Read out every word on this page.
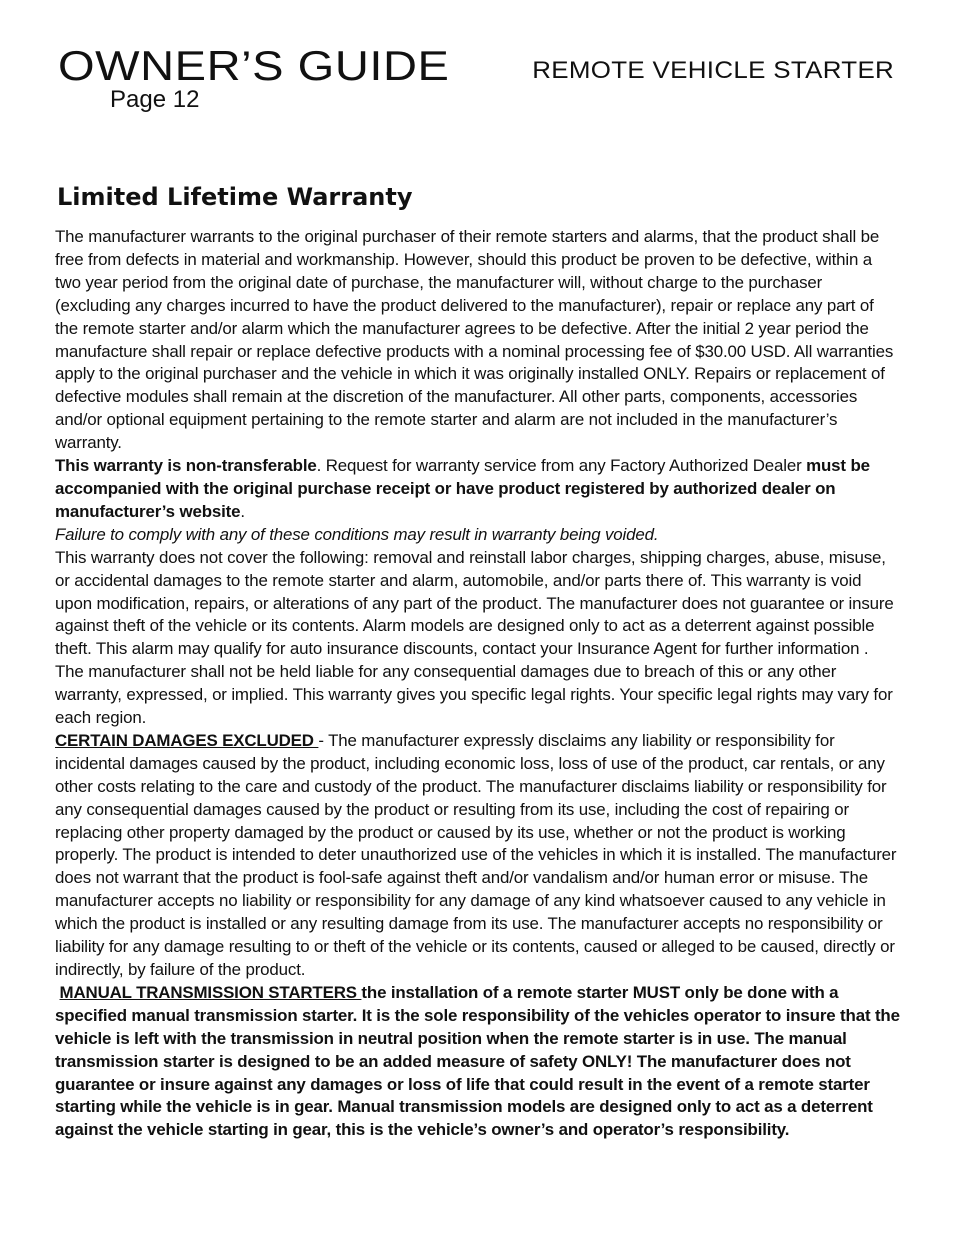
OWNER’S GUIDE
Page 12
REMOTE VEHICLE STARTER
Limited Lifetime Warranty

The manufacturer warrants to the original purchaser of their remote starters and alarms, that the product shall be free from defects in material and workmanship. However, should this product be proven to be defective, within a two year period from the original date of purchase, the manufacturer will, without charge to the purchaser (excluding any charges incurred to have the product delivered to the manufacturer), repair or replace any part of the remote starter and/or alarm which the manufacturer agrees to be defective. After the initial 2 year period the manufacture shall repair or replace defective products with a nominal processing fee of $30.00 USD. All warranties apply to the original purchaser and the vehicle in which it was originally installed ONLY. Repairs or replacement of defective modules shall remain at the discretion of the manufacturer. All other parts, components, accessories and/or optional equipment pertaining to the remote starter and alarm are not included in the manufacturer’s warranty.

This warranty is non-transferable. Request for warranty service from any Factory Authorized Dealer must be accompanied with the original purchase receipt or have product registered by authorized dealer on manufacturer’s website.

Failure to comply with any of these conditions may result in warranty being voided.

This warranty does not cover the following: removal and reinstall labor charges, shipping charges, abuse, misuse, or accidental damages to the remote starter and alarm, automobile, and/or parts there of. This warranty is void upon modification, repairs, or alterations of any part of the product. The manufacturer does not guarantee or insure against theft of the vehicle or its contents. Alarm models are designed only to act as a deterrent against possible theft. This alarm may qualify for auto insurance discounts, contact your Insurance Agent for further information . The manufacturer shall not be held liable for any consequential damages due to breach of this or any other warranty, expressed, or implied. This warranty gives you specific legal rights. Your specific legal rights may vary for each region.

CERTAIN DAMAGES EXCLUDED - The manufacturer expressly disclaims any liability or responsibility for incidental damages caused by the product, including economic loss, loss of use of the product, car rentals, or any other costs relating to the care and custody of the product. The manufacturer disclaims liability or responsibility for any consequential damages caused by the product or resulting from its use, including the cost of repairing or replacing other property damaged by the product or caused by its use, whether or not the product is working properly. The product is intended to deter unauthorized use of the vehicles in which it is installed. The manufacturer does not warrant that the product is fool-safe against theft and/or vandalism and/or human error or misuse. The manufacturer accepts no liability or responsibility for any damage of any kind whatsoever caused to any vehicle in which the product is installed or any resulting damage from its use. The manufacturer accepts no responsibility or liability for any damage resulting to or theft of the vehicle or its contents, caused or alleged to be caused, directly or indirectly, by failure of the product.

MANUAL TRANSMISSION STARTERS the installation of a remote starter MUST only be done with a specified manual transmission starter. It is the sole responsibility of the vehicles operator to insure that the vehicle is left with the transmission in neutral position when the remote starter is in use. The manual transmission starter is designed to be an added measure of safety ONLY! The manufacturer does not guarantee or insure against any damages or loss of life that could result in the event of a remote starter starting while the vehicle is in gear. Manual transmission models are designed only to act as a deterrent against the vehicle starting in gear, this is the vehicle’s owner’s and operator’s responsibility.
